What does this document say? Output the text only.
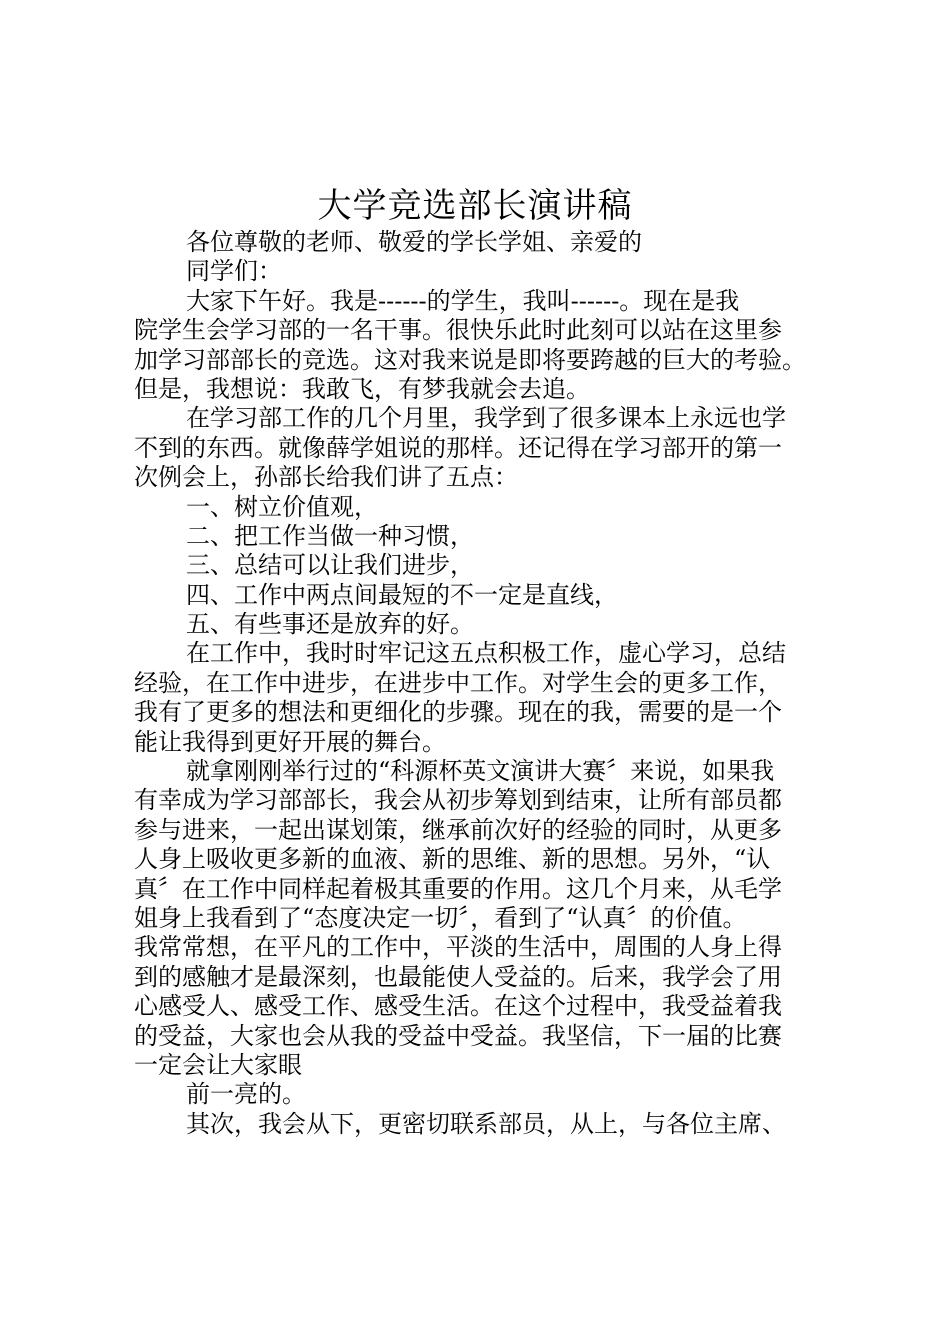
大学竞选部长演讲稿
各位尊敬的老师、敬爱的学长学姐、亲爱的
同学们：
大家下午好。我是------的学生，我叫------。现在是我
院学生会学习部的一名干事。很快乐此时此刻可以站在这里参
加学习部部长的竞选。这对我来说是即将要跨越的巨大的考验。
但是，我想说：我敢飞，有梦我就会去追。
在学习部工作的几个月里，我学到了很多课本上永远也学
不到的东西。就像薛学姐说的那样。还记得在学习部开的第一
次例会上，孙部长给我们讲了五点：
一、树立价值观，
二、把工作当做一种习惯，
三、总结可以让我们进步，
四、工作中两点间最短的不一定是直线，
五、有些事还是放弃的好。
在工作中，我时时牢记这五点积极工作，虚心学习，总结
经验，在工作中进步，在进步中工作。对学生会的更多工作，
我有了更多的想法和更细化的步骤。现在的我，需要的是一个
能让我得到更好开展的舞台。
就拿刚刚举行过的“科源杯英文演讲大赛〞来说，如果我
有幸成为学习部部长，我会从初步筹划到结束，让所有部员都
参与进来，一起出谋划策，继承前次好的经验的同时，从更多
人身上吸收更多新的血液、新的思维、新的思想。另外，“认
真〞在工作中同样起着极其重要的作用。这几个月来，从毛学
姐身上我看到了“态度决定一切〞，看到了“认真〞的价值。
我常常想，在平凡的工作中，平淡的生活中，周围的人身上得
到的感触才是最深刻，也最能使人受益的。后来，我学会了用
心感受人、感受工作、感受生活。在这个过程中，我受益着我
的受益，大家也会从我的受益中受益。我坚信，下一届的比赛
一定会让大家眼
前一亮的。
其次，我会从下，更密切联系部员，从上，与各位主席、
